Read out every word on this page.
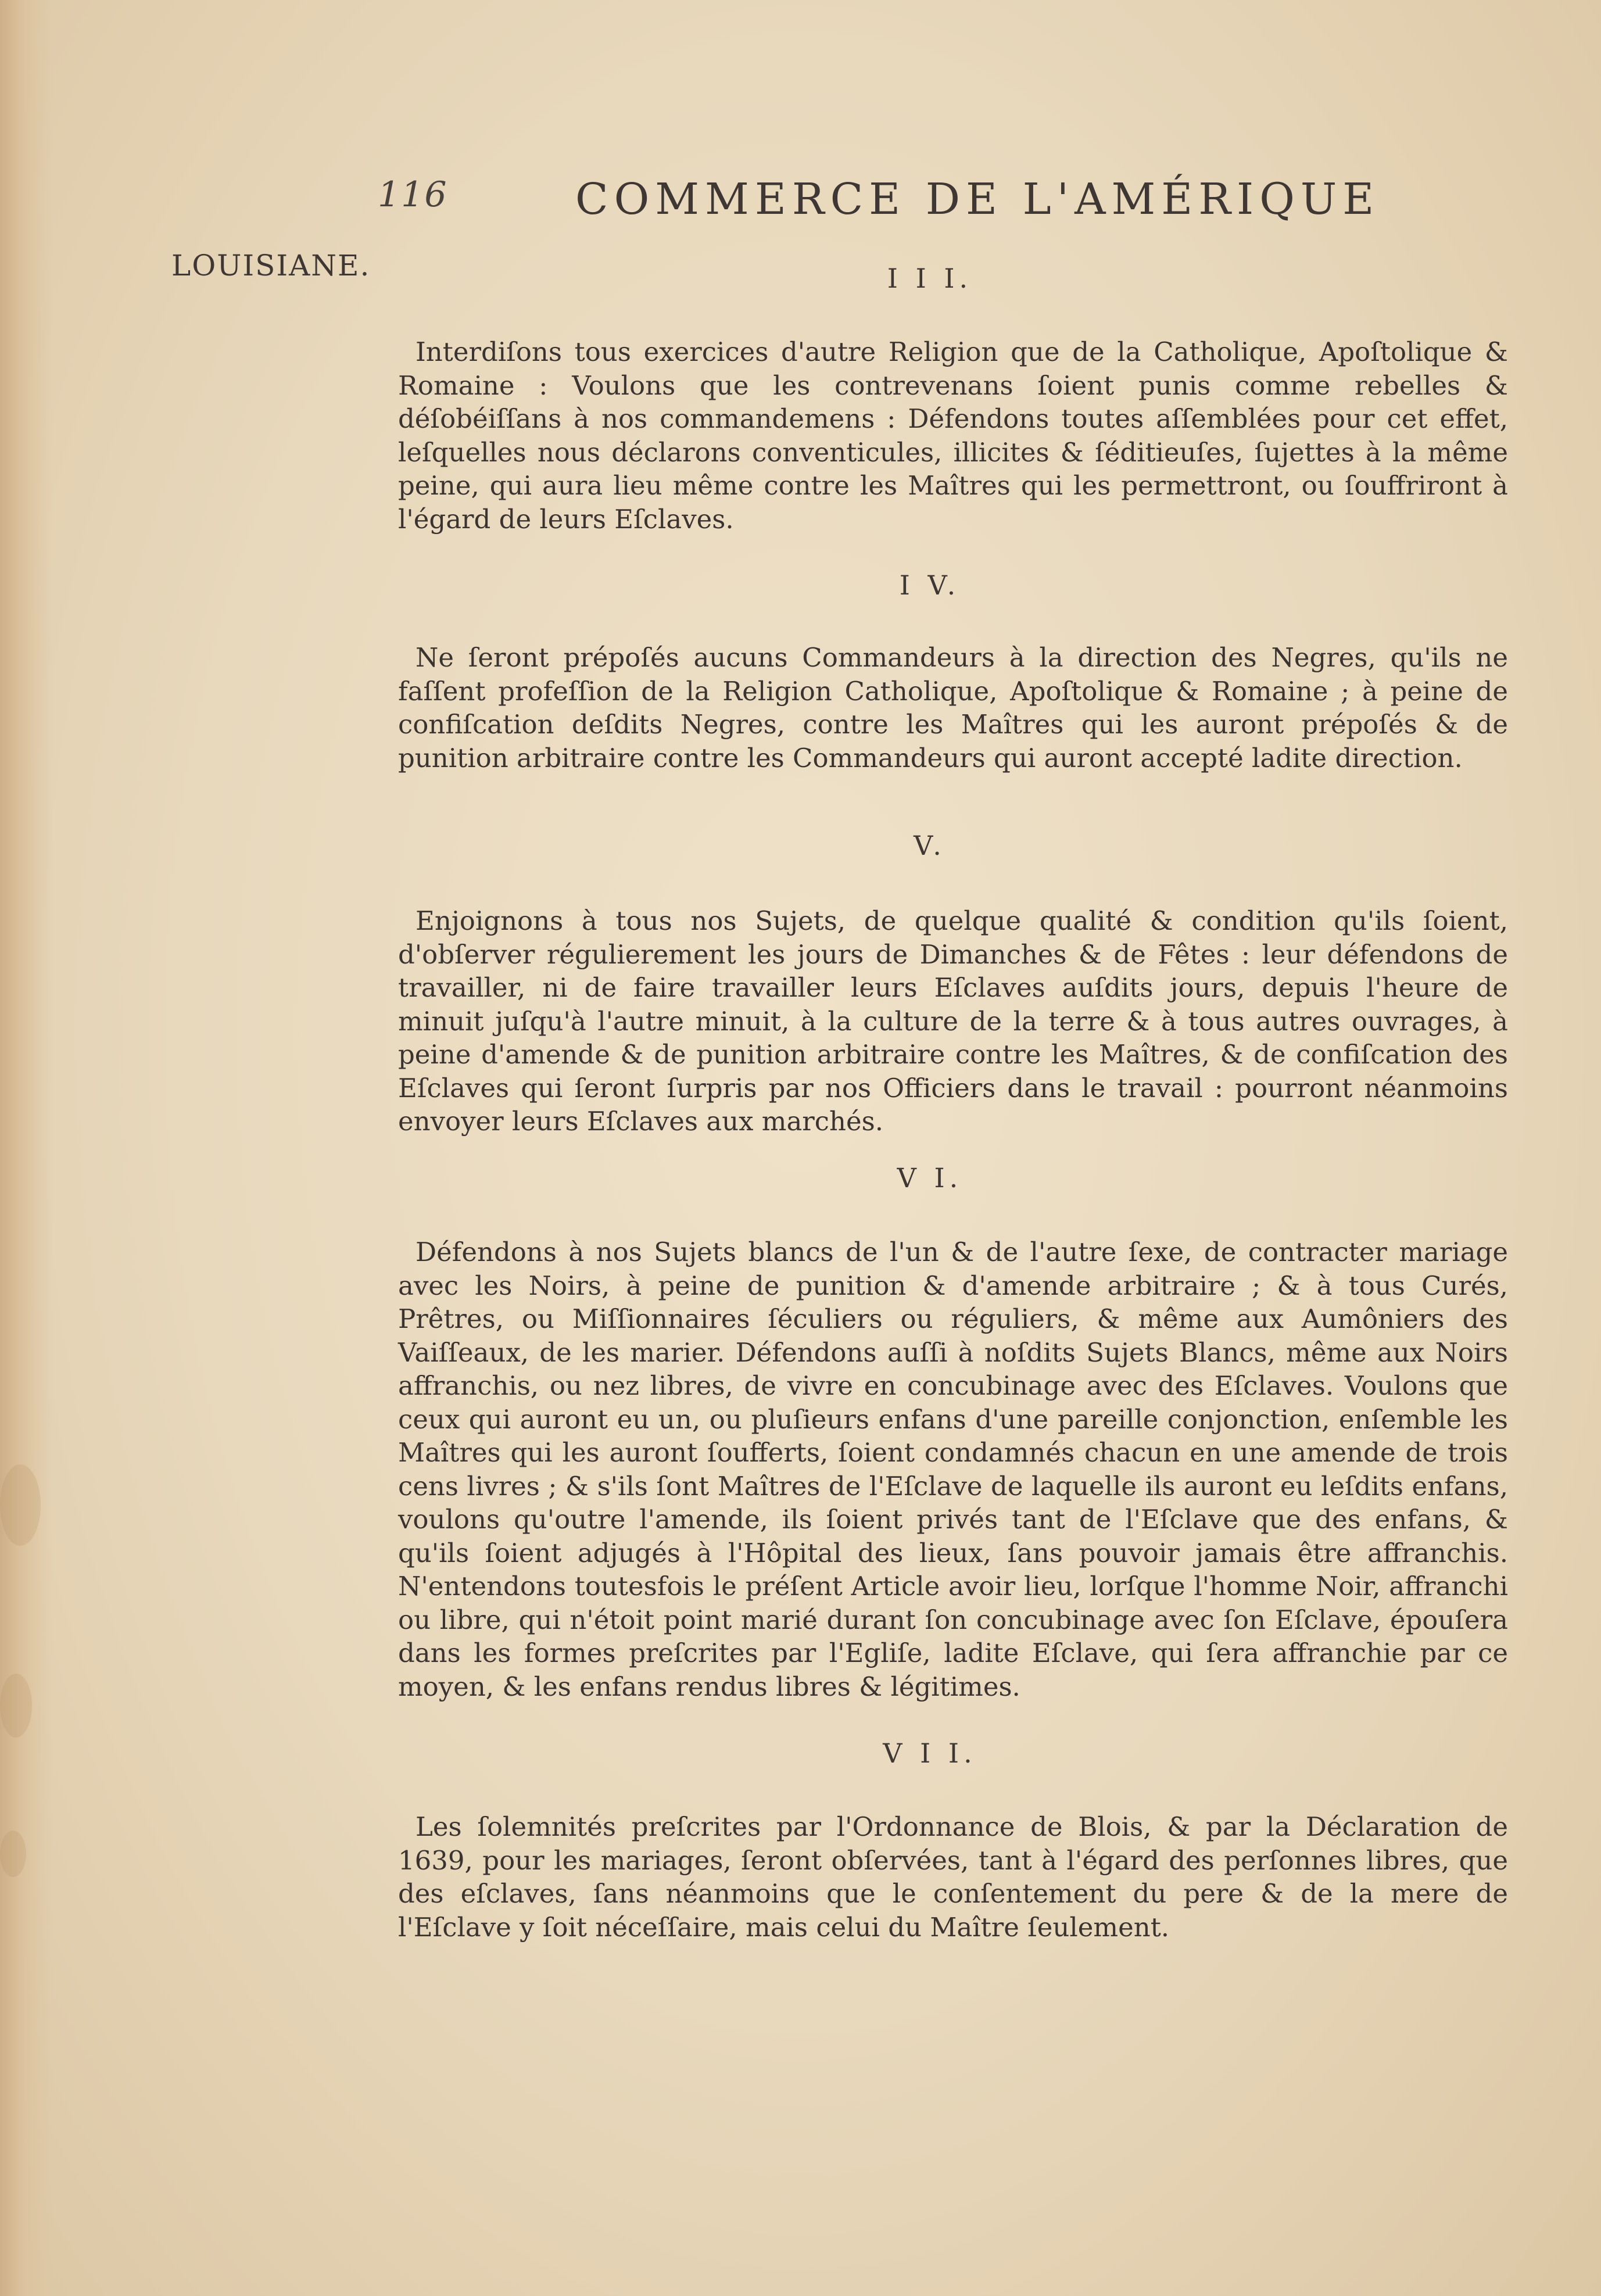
116	COMMERCE DE L'AMÉRIQUE
LOUISIANE.	I I I.

Interdiſons tous exercices d'autre Religion que de la Catholique, Apoſtolique & Romaine : Voulons que les contrevenans ſoient punis comme rebelles & déſobéiſſans à nos commandemens : Défendons toutes aſſemblées pour cet effet, leſquelles nous déclarons conventicules, illicites & ſéditieuſes, ſujettes à la même peine, qui aura lieu même contre les Maîtres qui les permettront, ou ſouffriront à l'égard de leurs Eſclaves.

I V.

Ne ſeront prépoſés aucuns Commandeurs à la direction des Negres, qu'ils ne faſſent profeſſion de la Religion Catholique, Apoſtolique & Romaine ; à peine de confiſcation deſdits Negres, contre les Maîtres qui les auront prépoſés & de punition arbitraire contre les Commandeurs qui auront accepté ladite direction.

V.

Enjoignons à tous nos Sujets, de quelque qualité & condition qu'ils ſoient, d'obſerver régulierement les jours de Dimanches & de Fêtes : leur défendons de travailler, ni de faire travailler leurs Eſclaves auſdits jours, depuis l'heure de minuit juſqu'à l'autre minuit, à la culture de la terre & à tous autres ouvrages, à peine d'amende & de punition arbitraire contre les Maîtres, & de confiſcation des Eſclaves qui ſeront ſurpris par nos Officiers dans le travail : pourront néanmoins envoyer leurs Eſclaves aux marchés.

V I.

Défendons à nos Sujets blancs de l'un & de l'autre ſexe, de contracter mariage avec les Noirs, à peine de punition & d'amende arbitraire ; & à tous Curés, Prêtres, ou Miſſionnaires ſéculiers ou réguliers, & même aux Aumôniers des Vaiſſeaux, de les marier. Défendons auſſi à noſdits Sujets Blancs, même aux Noirs affranchis, ou nez libres, de vivre en concubinage avec des Eſclaves. Voulons que ceux qui auront eu un, ou pluſieurs enfans d'une pareille conjonction, enſemble les Maîtres qui les auront ſoufferts, ſoient condamnés chacun en une amende de trois cens livres ; & s'ils ſont Maîtres de l'Eſclave de laquelle ils auront eu leſdits enfans, voulons qu'outre l'amende, ils ſoient privés tant de l'Eſclave que des enfans, & qu'ils ſoient adjugés à l'Hôpital des lieux, ſans pouvoir jamais être affranchis. N'entendons toutesfois le préſent Article avoir lieu, lorſque l'homme Noir, affranchi ou libre, qui n'étoit point marié durant ſon concubinage avec ſon Eſclave, épouſera dans les formes preſcrites par l'Egliſe, ladite Eſclave, qui ſera affranchie par ce moyen, & les enfans rendus libres & légitimes.

V I I.

Les ſolemnités preſcrites par l'Ordonnance de Blois, & par la Déclaration de 1639, pour les mariages, ſeront obſervées, tant à l'égard des perſonnes libres, que des eſclaves, ſans néanmoins que le conſentement du pere & de la mere de l'Eſclave y ſoit néceſſaire, mais celui du Maître ſeulement.
